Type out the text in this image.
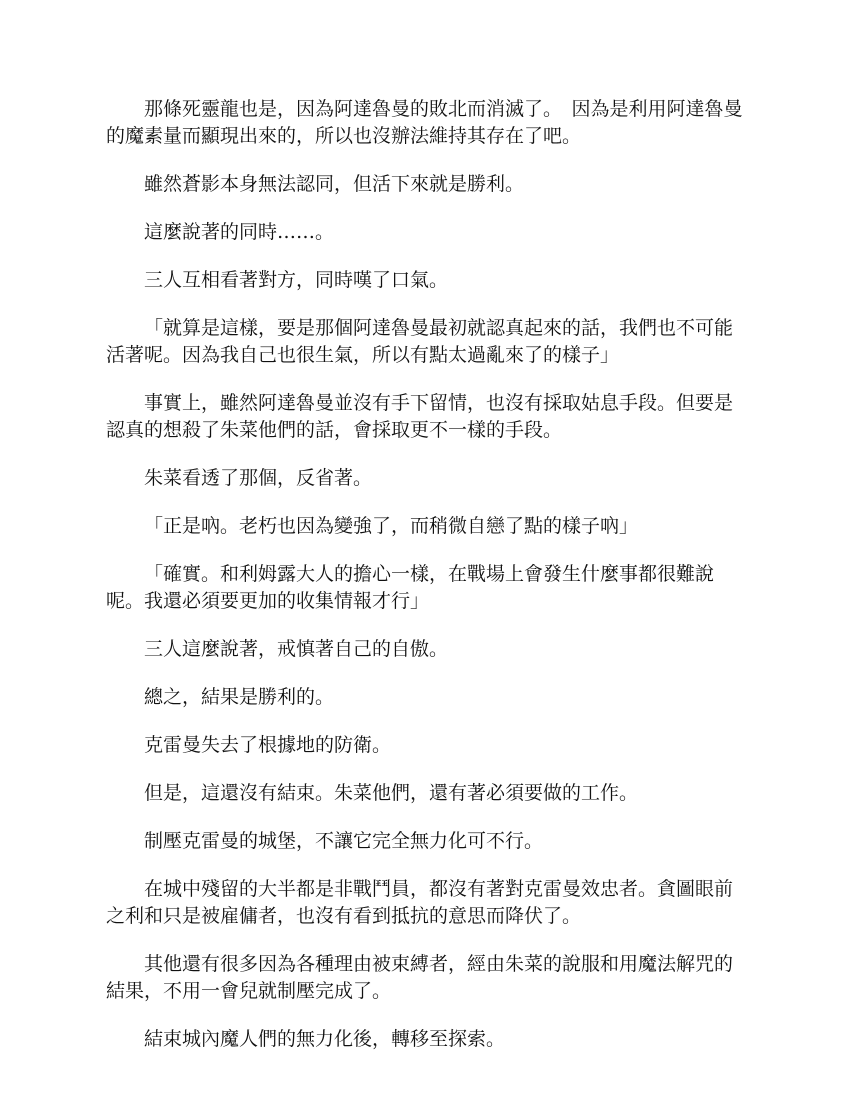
那條死靈龍也是，因為阿達魯曼的敗北而消滅了。　因為是利用阿達魯曼的魔素量而顯現出來的，所以也沒辦法維持其存在了吧。

雖然蒼影本身無法認同，但活下來就是勝利。

這麼說著的同時……。

三人互相看著對方，同時嘆了口氣。

「就算是這樣，要是那個阿達魯曼最初就認真起來的話，我們也不可能活著呢。因為我自己也很生氣，所以有點太過亂來了的樣子」

事實上，雖然阿達魯曼並沒有手下留情，也沒有採取姑息手段。但要是認真的想殺了朱菜他們的話，會採取更不一樣的手段。

朱菜看透了那個，反省著。

「正是吶。老朽也因為變強了，而稍微自戀了點的樣子吶」

「確實。和利姆露大人的擔心一樣，在戰場上會發生什麼事都很難說呢。我還必須要更加的收集情報才行」

三人這麼說著，戒慎著自己的自傲。

總之，結果是勝利的。

克雷曼失去了根據地的防衛。

但是，這還沒有結束。朱菜他們，還有著必須要做的工作。

制壓克雷曼的城堡，不讓它完全無力化可不行。

在城中殘留的大半都是非戰鬥員，都沒有著對克雷曼效忠者。貪圖眼前之利和只是被雇傭者，也沒有看到抵抗的意思而降伏了。

其他還有很多因為各種理由被束縛者，經由朱菜的說服和用魔法解咒的結果，不用一會兒就制壓完成了。

結束城內魔人們的無力化後，轉移至探索。
